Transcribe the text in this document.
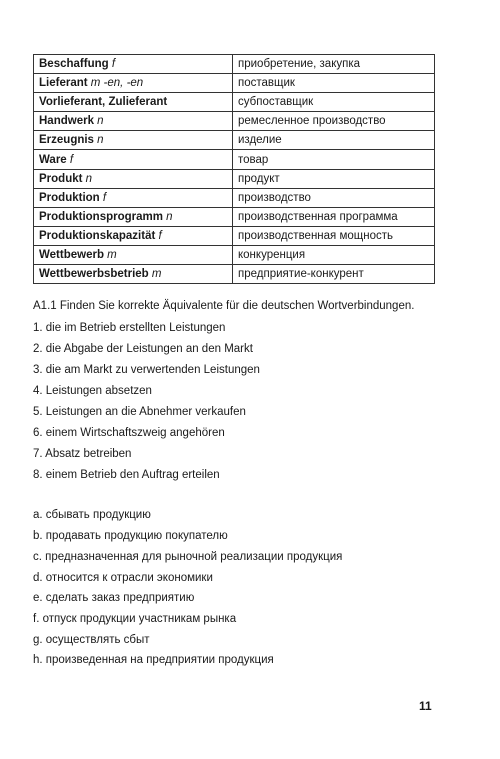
Beschaffung f	приобретение, закупка
Lieferant m -en, -en	поставщик
Vorlieferant, Zulieferant	субпоставщик
Handwerk n	ремесленное производство
Erzeugnis n	изделие
Ware f	товар
Produkt n	продукт
Produktion f	производство
Produktionsprogramm n	производственная программа
Produktionskapazität f	производственная мощность
Wettbewerb m	конкуренция
Wettbewerbsbetrieb m	предприятие-конкурент
A1.1 Finden Sie korrekte Äquivalente für die deutschen Wortverbindungen.
1. die im Betrieb erstellten Leistungen
2. die Abgabe der Leistungen an den Markt
3. die am Markt zu verwertenden Leistungen
4. Leistungen absetzen
5. Leistungen an die Abnehmer verkaufen
6. einem Wirtschaftszweig angehören
7. Absatz betreiben
8. einem Betrieb den Auftrag erteilen
a. сбывать продукцию
b. продавать продукцию покупателю
c. предназначенная для рыночной реализации продукция
d. относится к отрасли экономики
e. сделать заказ предприятию
f. отпуск продукции участникам рынка
g. осуществлять сбыт
h. произведенная на предприятии продукция
11
